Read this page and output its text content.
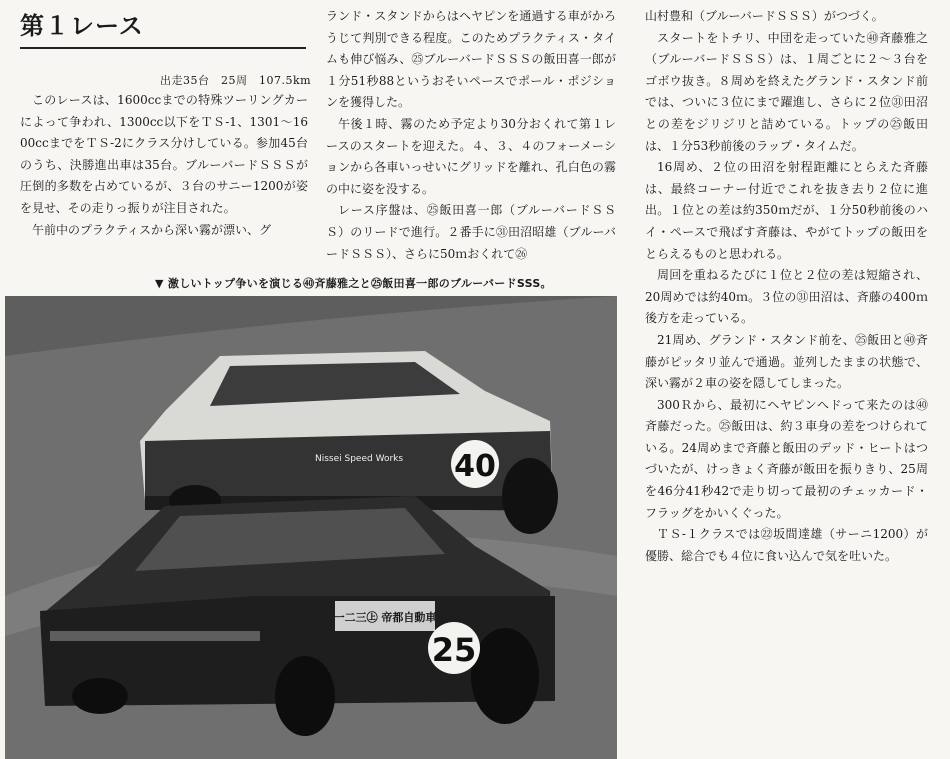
第１レース
出走35台　25周　107.5km

このレースは、1600ccまでの特殊ツーリングカーによって争われ、1300cc以下をＴＳ-1、1301～1600ccまでをＴＳ-2にクラス分けしている。参加45台のうち、決勝進出車は35台。ブルーバードＳＳＳが圧倒的多数を占めているが、３台のサニー1200が姿を見せ、その走りっ振りが注目された。

午前中のプラクティスから深い霧が漂い、グ

ランド・スタンドからはヘヤピンを通過する車がかろうじて判別できる程度。このためプラクティス・タイムも伸び悩み、㉕ブルーバードＳＳＳの飯田喜一郎が１分51秒88というおそいペースでポール・ポジションを獲得した。

午後１時、霧のため予定より30分おくれて第１レースのスタートを迎えた。４、３、４のフォーメーションから各車いっせいにグリッドを離れ、孔白色の霧の中に姿を没する。

レース序盤は、㉕飯田喜一郎（ブルーバードＳＳＳ）のリードで進行。２番手に㉛田沼昭雄（ブルーバードＳＳＳ）、さらに50ｍおくれて㉖

山村豊和（ブルーバードＳＳＳ）がつづく。

スタートをトチリ、中団を走っていた㊵斉藤雅之（ブルーバードＳＳＳ）は、１周ごとに２～３台をゴボウ抜き。８周めを終えたグランド・スタンド前では、ついに３位にまで躍進し、さらに２位㉛田沼との差をジリジリと詰めている。トップの㉕飯田は、１分53秒前後のラップ・タイムだ。

16周め、２位の田沼を射程距離にとらえた斉藤は、最終コーナー付近でこれを抜き去り２位に進出。１位との差は約350ｍだが、１分50秒前後のハイ・ペースで飛ばす斉藤は、やがてトップの飯田をとらえるものと思われる。

周回を重ねるたびに１位と２位の差は短縮され、20周めでは約40ｍ。３位の㉛田沼は、斉藤の400ｍ後方を走っている。

21周め、グランド・スタンド前を、㉕飯田と㊵斉藤がピッタリ並んで通過。並列したままの状態で、深い霧が２車の姿を隠してしまった。

300Ｒから、最初にヘヤピンへドって来たのは㊵斉藤だった。㉕飯田は、約３車身の差をつけられている。24周めまで斉藤と飯田のデッド・ヒートはつづいたが、けっきょく斉藤が飯田を振りきり、25周を46分41秒42で走り切って最初のチェッカード・フラッグをかいくぐった。

ＴＳ-１クラスでは㉒坂間達雄（サーニ1200）が優勝、総合でも４位に食い込んで気を吐いた。

▼ 激しいトップ争いを演じる㊵斉藤雅之と㉕飯田喜一郎のブルーバードSSS。
40
Nissei Speed Works
25
一二三㊤ 帝都自動車
